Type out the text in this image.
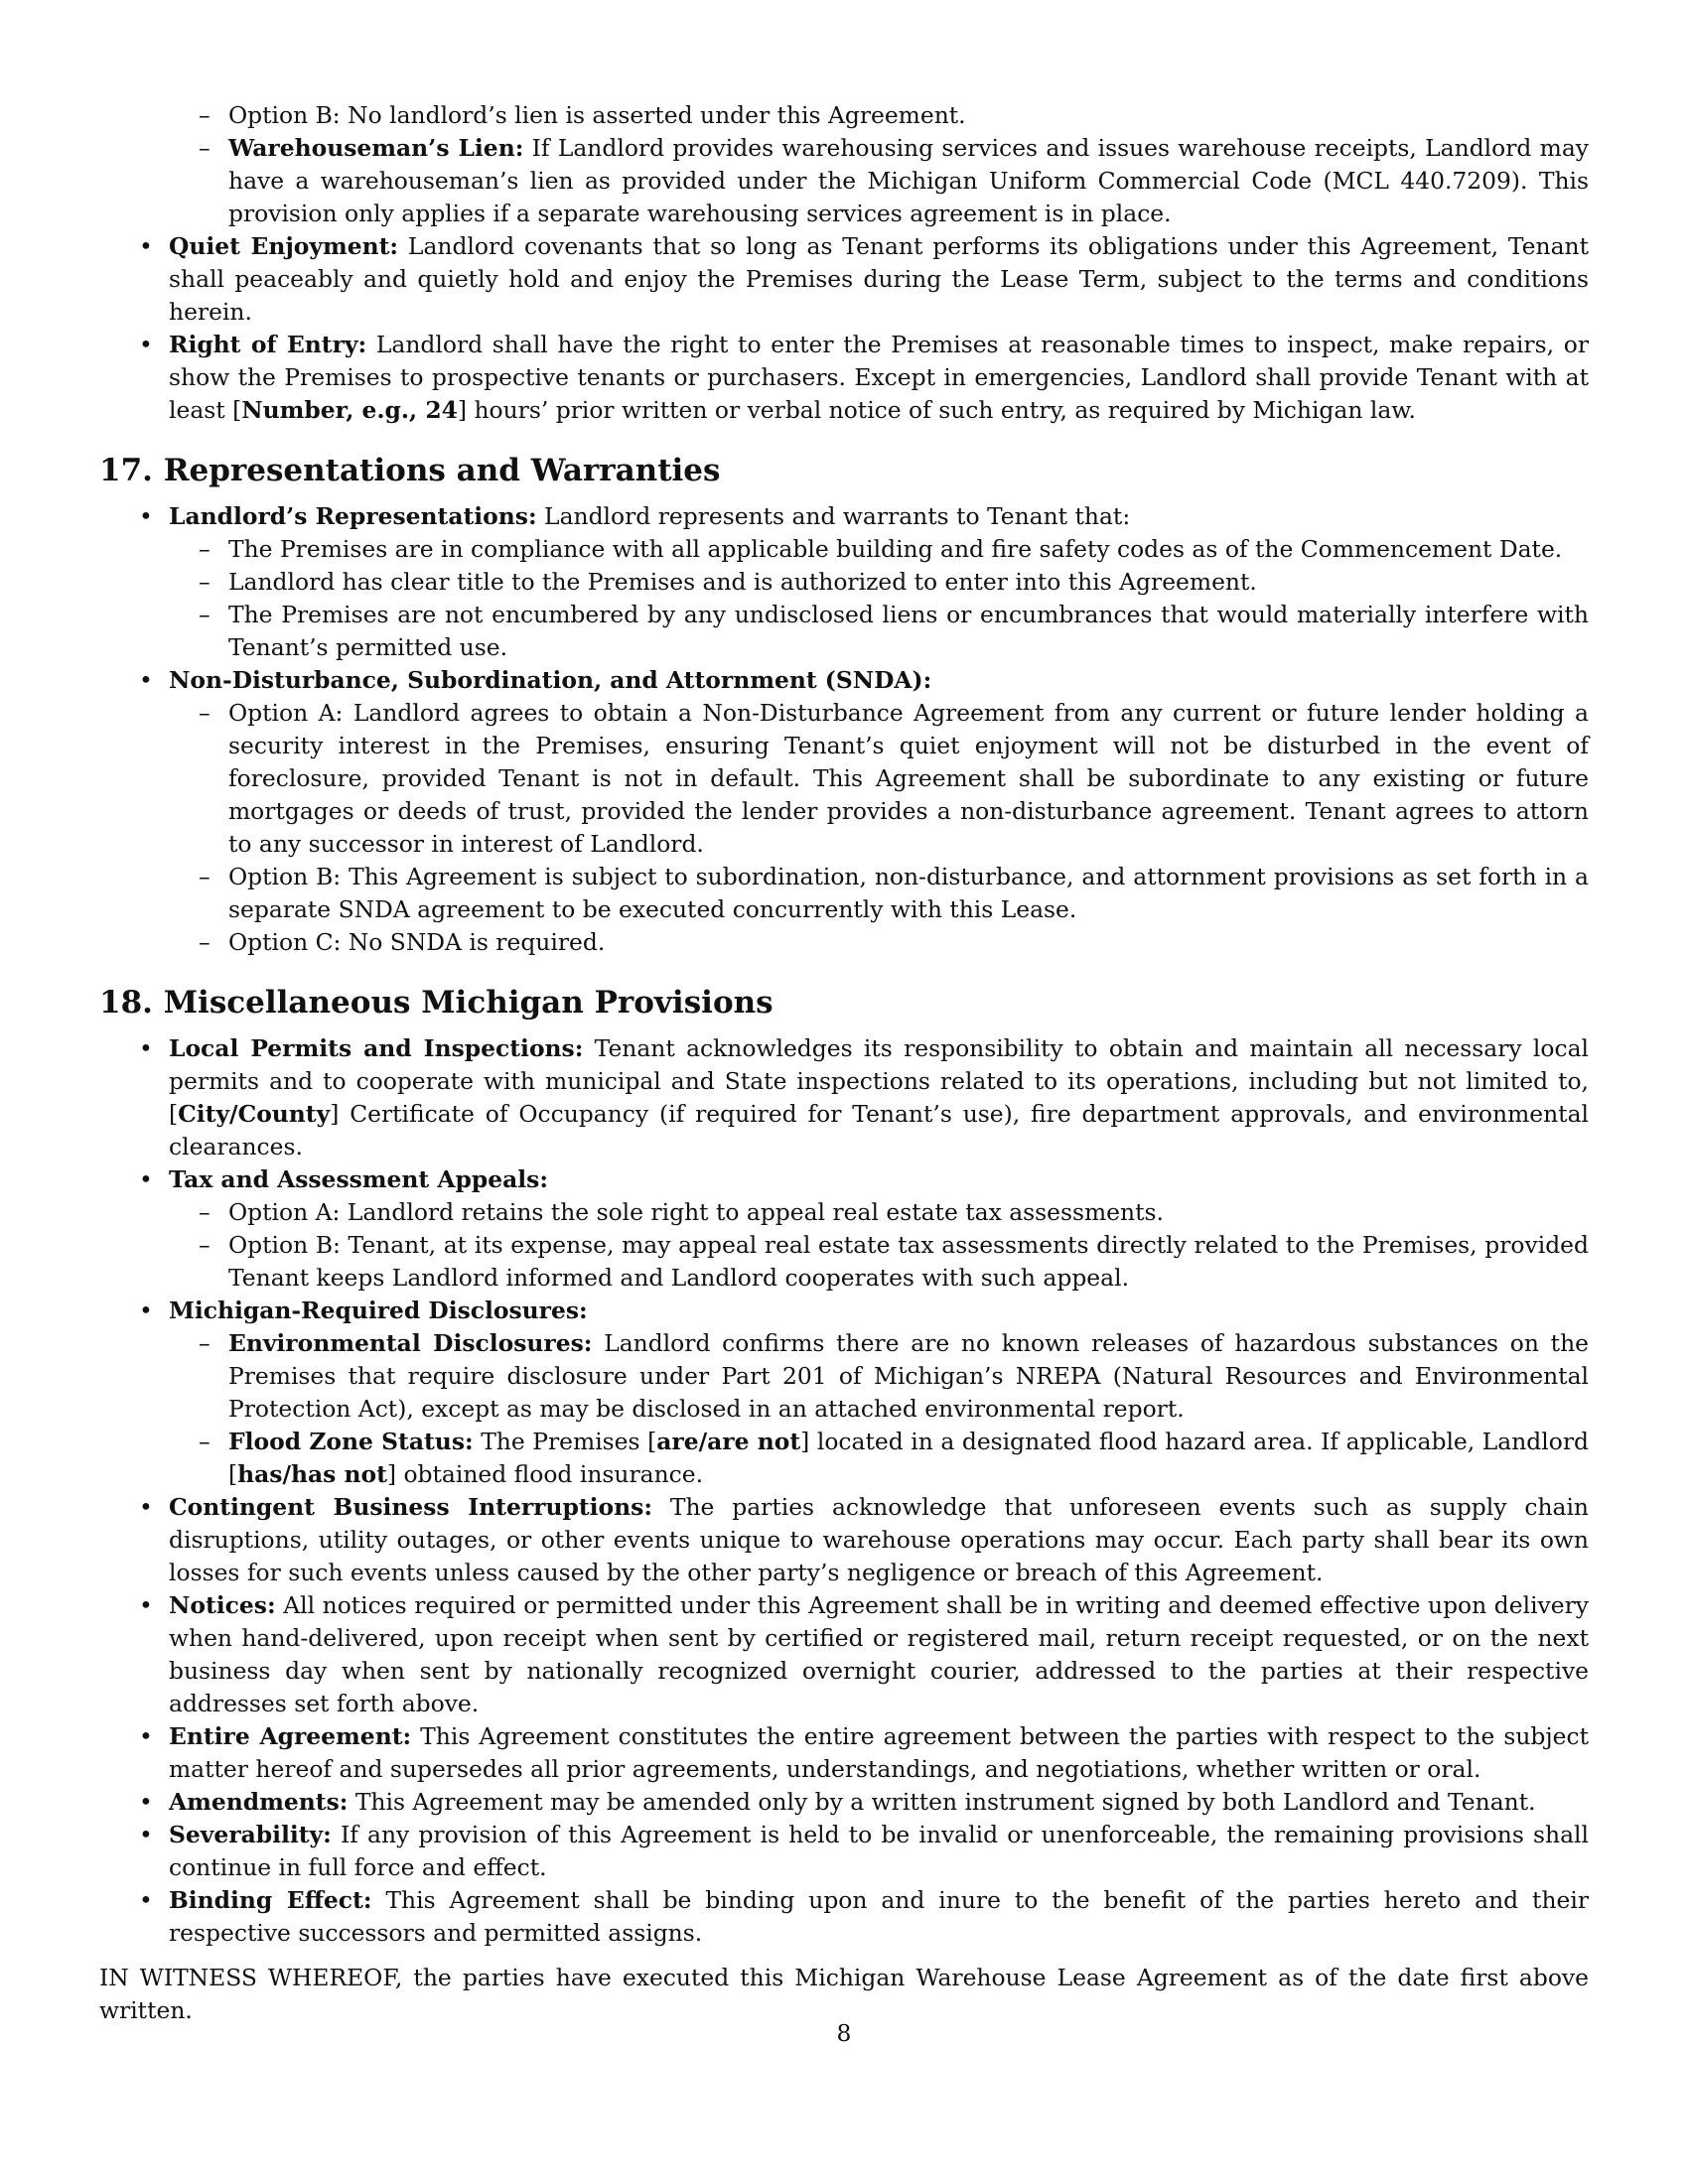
– Option B: No landlord’s lien is asserted under this Agreement.
– Warehouseman’s Lien: If Landlord provides warehousing services and issues warehouse receipts, Landlord may have a warehouseman’s lien as provided under the Michigan Uniform Commercial Code (MCL 440.7209). This provision only applies if a separate warehousing services agreement is in place.
• Quiet Enjoyment: Landlord covenants that so long as Tenant performs its obligations under this Agreement, Tenant shall peaceably and quietly hold and enjoy the Premises during the Lease Term, subject to the terms and conditions herein.
• Right of Entry: Landlord shall have the right to enter the Premises at reasonable times to inspect, make repairs, or show the Premises to prospective tenants or purchasers. Except in emergencies, Landlord shall provide Tenant with at least [Number, e.g., 24] hours’ prior written or verbal notice of such entry, as required by Michigan law.
17. Representations and Warranties
• Landlord’s Representations: Landlord represents and warrants to Tenant that:
– The Premises are in compliance with all applicable building and fire safety codes as of the Commencement Date.
– Landlord has clear title to the Premises and is authorized to enter into this Agreement.
– The Premises are not encumbered by any undisclosed liens or encumbrances that would materially interfere with Tenant’s permitted use.
• Non-Disturbance, Subordination, and Attornment (SNDA):
– Option A: Landlord agrees to obtain a Non-Disturbance Agreement from any current or future lender holding a security interest in the Premises, ensuring Tenant’s quiet enjoyment will not be disturbed in the event of foreclosure, provided Tenant is not in default. This Agreement shall be subordinate to any existing or future mortgages or deeds of trust, provided the lender provides a non-disturbance agreement. Tenant agrees to attorn to any successor in interest of Landlord.
– Option B: This Agreement is subject to subordination, non-disturbance, and attornment provisions as set forth in a separate SNDA agreement to be executed concurrently with this Lease.
– Option C: No SNDA is required.
18. Miscellaneous Michigan Provisions
• Local Permits and Inspections: Tenant acknowledges its responsibility to obtain and maintain all necessary local permits and to cooperate with municipal and State inspections related to its operations, including but not limited to, [City/County] Certificate of Occupancy (if required for Tenant’s use), fire department approvals, and environmental clearances.
• Tax and Assessment Appeals:
– Option A: Landlord retains the sole right to appeal real estate tax assessments.
– Option B: Tenant, at its expense, may appeal real estate tax assessments directly related to the Premises, provided Tenant keeps Landlord informed and Landlord cooperates with such appeal.
• Michigan-Required Disclosures:
– Environmental Disclosures: Landlord confirms there are no known releases of hazardous substances on the Premises that require disclosure under Part 201 of Michigan’s NREPA (Natural Resources and Environmental Protection Act), except as may be disclosed in an attached environmental report.
– Flood Zone Status: The Premises [are/are not] located in a designated flood hazard area. If applicable, Landlord [has/has not] obtained flood insurance.
• Contingent Business Interruptions: The parties acknowledge that unforeseen events such as supply chain disruptions, utility outages, or other events unique to warehouse operations may occur. Each party shall bear its own losses for such events unless caused by the other party’s negligence or breach of this Agreement.
• Notices: All notices required or permitted under this Agreement shall be in writing and deemed effective upon delivery when hand-delivered, upon receipt when sent by certified or registered mail, return receipt requested, or on the next business day when sent by nationally recognized overnight courier, addressed to the parties at their respective addresses set forth above.
• Entire Agreement: This Agreement constitutes the entire agreement between the parties with respect to the subject matter hereof and supersedes all prior agreements, understandings, and negotiations, whether written or oral.
• Amendments: This Agreement may be amended only by a written instrument signed by both Landlord and Tenant.
• Severability: If any provision of this Agreement is held to be invalid or unenforceable, the remaining provisions shall continue in full force and effect.
• Binding Effect: This Agreement shall be binding upon and inure to the benefit of the parties hereto and their respective successors and permitted assigns.
IN WITNESS WHEREOF, the parties have executed this Michigan Warehouse Lease Agreement as of the date first above written.
8
